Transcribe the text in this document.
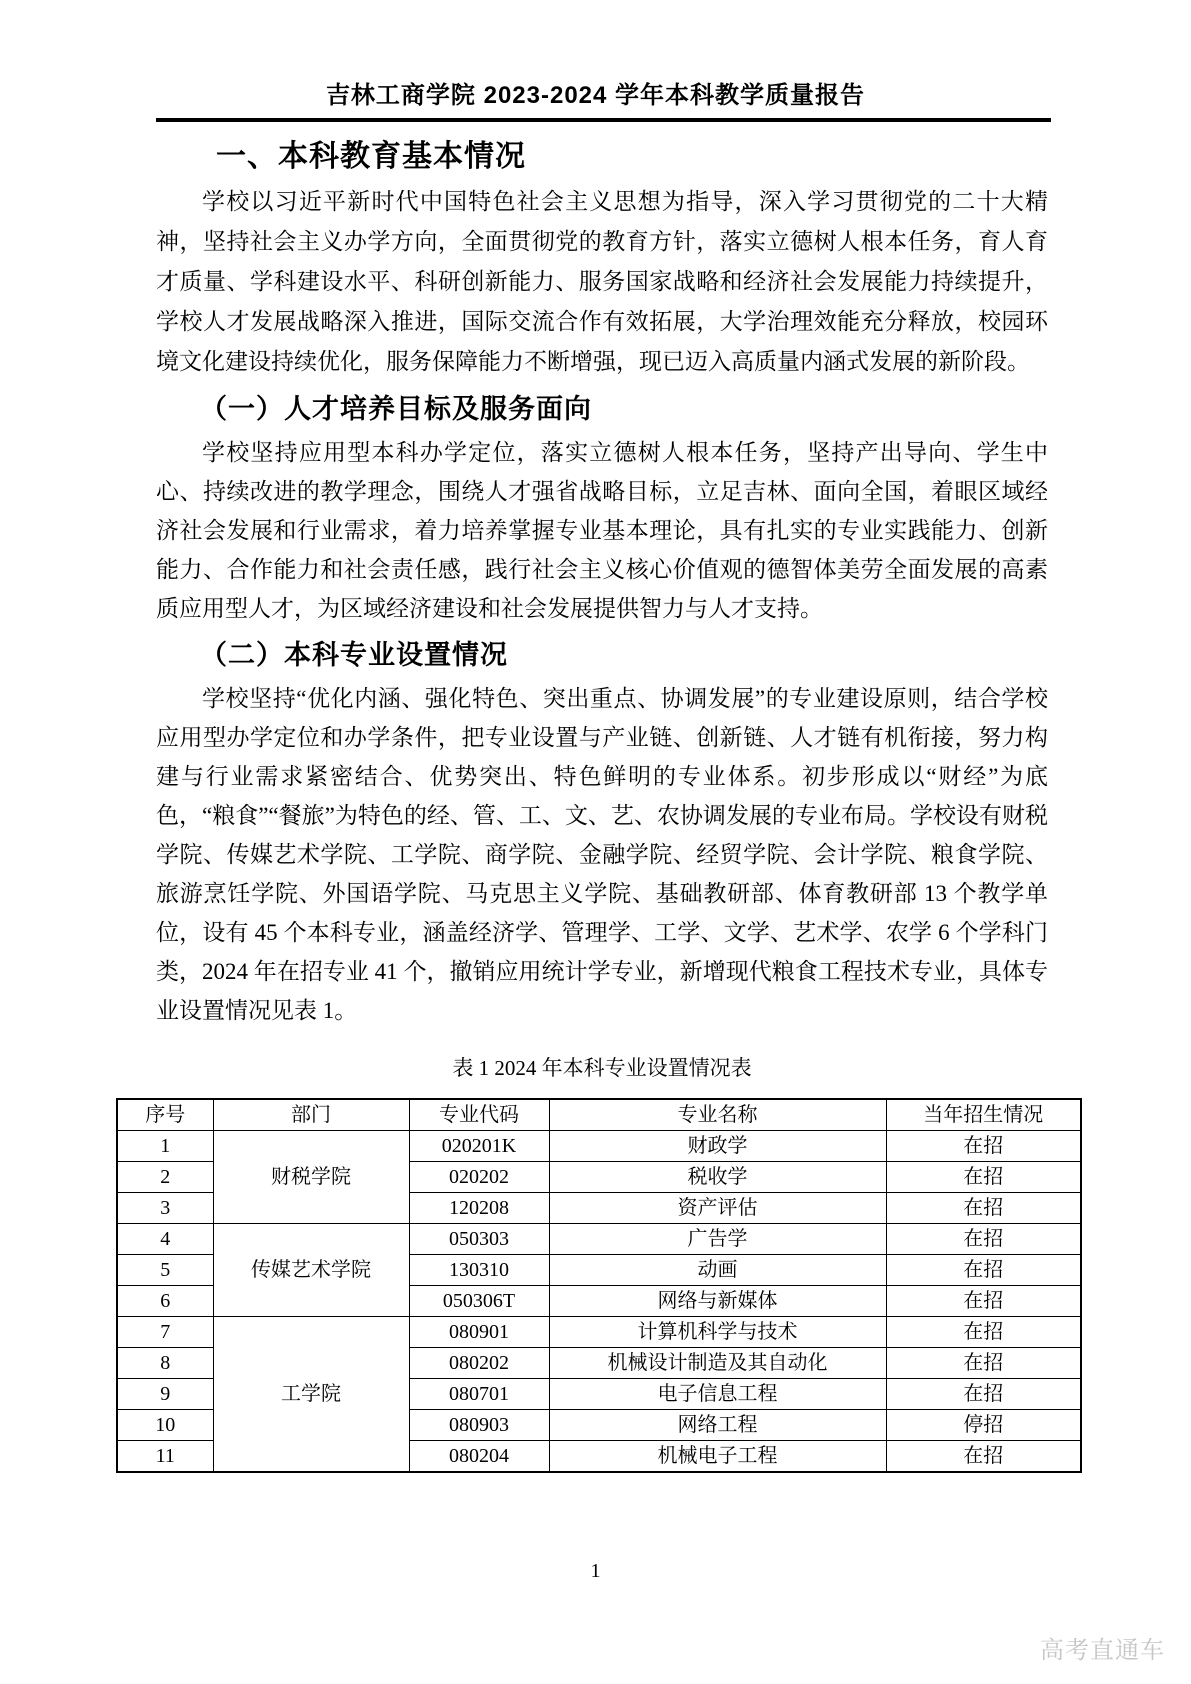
吉林工商学院 2023-2024 学年本科教学质量报告
一、本科教育基本情况

学校以习近平新时代中国特色社会主义思想为指导，深入学习贯彻党的二十大精神，坚持社会主义办学方向，全面贯彻党的教育方针，落实立德树人根本任务，育人育才质量、学科建设水平、科研创新能力、服务国家战略和经济社会发展能力持续提升，学校人才发展战略深入推进，国际交流合作有效拓展，大学治理效能充分释放，校园环境文化建设持续优化，服务保障能力不断增强，现已迈入高质量内涵式发展的新阶段。

（一）人才培养目标及服务面向

学校坚持应用型本科办学定位，落实立德树人根本任务，坚持产出导向、学生中心、持续改进的教学理念，围绕人才强省战略目标，立足吉林、面向全国，着眼区域经济社会发展和行业需求，着力培养掌握专业基本理论，具有扎实的专业实践能力、创新能力、合作能力和社会责任感，践行社会主义核心价值观的德智体美劳全面发展的高素质应用型人才，为区域经济建设和社会发展提供智力与人才支持。

（二）本科专业设置情况

学校坚持“优化内涵、强化特色、突出重点、协调发展”的专业建设原则，结合学校应用型办学定位和办学条件，把专业设置与产业链、创新链、人才链有机衔接，努力构建与行业需求紧密结合、优势突出、特色鲜明的专业体系。初步形成以“财经”为底色，“粮食”“餐旅”为特色的经、管、工、文、艺、农协调发展的专业布局。学校设有财税学院、传媒艺术学院、工学院、商学院、金融学院、经贸学院、会计学院、粮食学院、旅游烹饪学院、外国语学院、马克思主义学院、基础教研部、体育教研部 13 个教学单位，设有 45 个本科专业，涵盖经济学、管理学、工学、文学、艺术学、农学 6 个学科门类，2024 年在招专业 41 个，撤销应用统计学专业，新增现代粮食工程技术专业，具体专业设置情况见表 1。

表 1 2024 年本科专业设置情况表
序号	部门	专业代码	专业名称	当年招生情况
1	财税学院	020201K	财政学	在招
2		020202	税收学	在招
3		120208	资产评估	在招
4	传媒艺术学院	050303	广告学	在招
5		130310	动画	在招
6		050306T	网络与新媒体	在招
7	工学院	080901	计算机科学与技术	在招
8		080202	机械设计制造及其自动化	在招
9		080701	电子信息工程	在招
10		080903	网络工程	停招
11		080204	机械电子工程	在招
1
高考直通车
